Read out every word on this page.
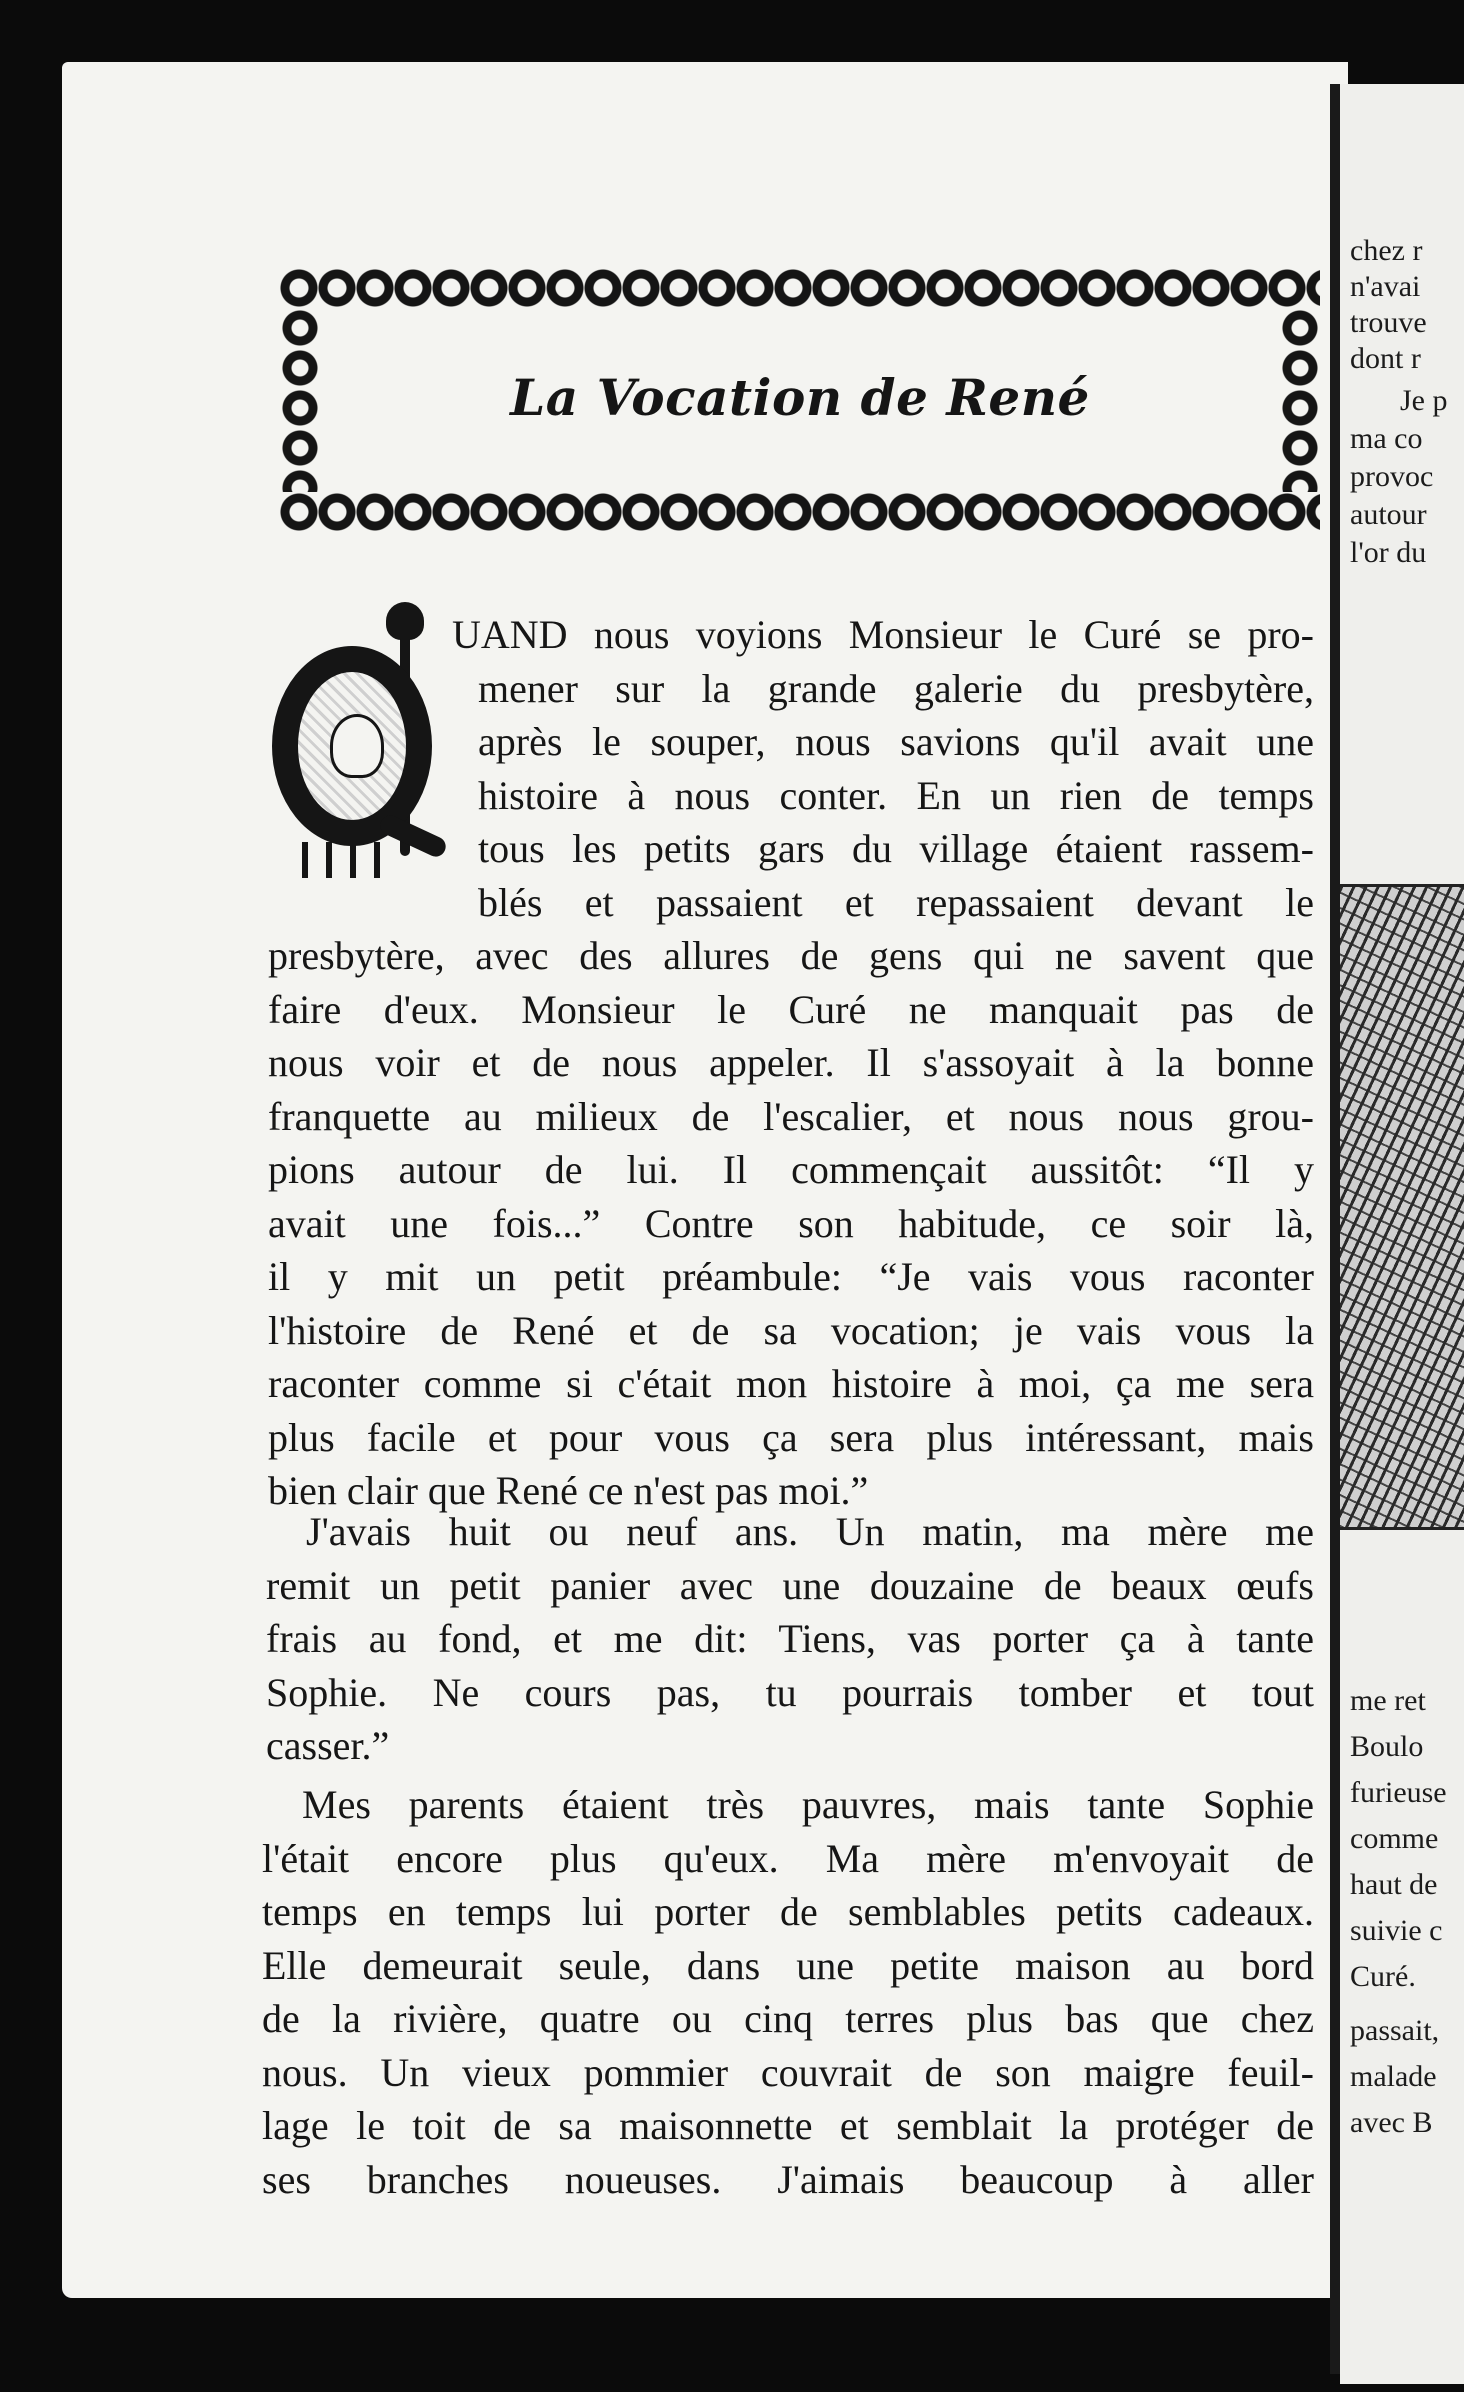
chez r
n'avai
trouve
dont r
Je p
ma co
provoc
autour
l'or du
me ret
Boulo
furieuse
comme
haut de
suivie c
Curé.
passait,
malade
avec B
La Vocation de René
UAND nous voyions Monsieur le Curé se pro-
mener sur la grande galerie du presbytère,
après le souper, nous savions qu'il avait une
histoire à nous conter. En un rien de temps
tous les petits gars du village étaient rassem-
blés et passaient et repassaient devant le
presbytère, avec des allures de gens qui ne savent que
faire d'eux. Monsieur le Curé ne manquait pas de
nous voir et de nous appeler. Il s'assoyait à la bonne
franquette au milieux de l'escalier, et nous nous grou-
pions autour de lui. Il commençait aussitôt: “Il y
avait une fois...” Contre son habitude, ce soir là,
il y mit un petit préambule: “Je vais vous raconter
l'histoire de René et de sa vocation; je vais vous la
raconter comme si c'était mon histoire à moi, ça me sera
plus facile et pour vous ça sera plus intéressant, mais
bien clair que René ce n'est pas moi.”
J'avais huit ou neuf ans. Un matin, ma mère me
remit un petit panier avec une douzaine de beaux œufs
frais au fond, et me dit: Tiens, vas porter ça à tante
Sophie. Ne cours pas, tu pourrais tomber et tout
casser.”
Mes parents étaient très pauvres, mais tante Sophie
l'était encore plus qu'eux. Ma mère m'envoyait de
temps en temps lui porter de semblables petits cadeaux.
Elle demeurait seule, dans une petite maison au bord
de la rivière, quatre ou cinq terres plus bas que chez
nous. Un vieux pommier couvrait de son maigre feuil-
lage le toit de sa maisonnette et semblait la protéger de
ses branches noueuses. J'aimais beaucoup à aller
